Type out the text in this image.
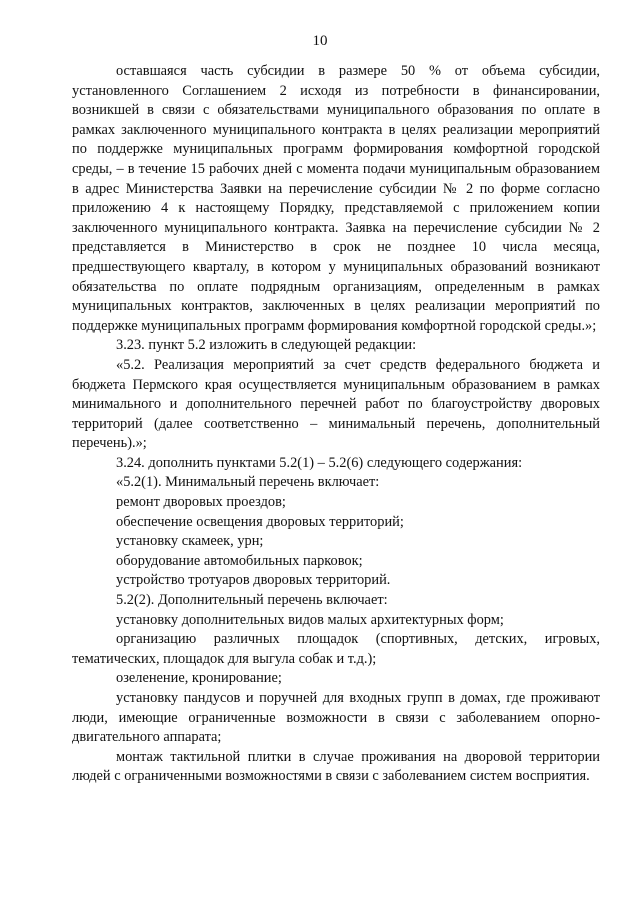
10

оставшаяся часть субсидии в размере 50 % от объема субсидии, установленного Соглашением 2 исходя из потребности в финансировании, возникшей в связи с обязательствами муниципального образования по оплате в рамках заключенного муниципального контракта в целях реализации мероприятий по поддержке муниципальных программ формирования комфортной городской среды, – в течение 15 рабочих дней с момента подачи муниципальным образованием в адрес Министерства Заявки на перечисление субсидии № 2 по форме согласно приложению 4 к настоящему Порядку, представляемой с приложением копии заключенного муниципального контракта. Заявка на перечисление субсидии № 2 представляется в Министерство в срок не позднее 10 числа месяца, предшествующего кварталу, в котором у муниципальных образований возникают обязательства по оплате подрядным организациям, определенным в рамках муниципальных контрактов, заключенных в целях реализации мероприятий по поддержке муниципальных программ формирования комфортной городской среды.»;

3.23. пункт 5.2 изложить в следующей редакции:

«5.2. Реализация мероприятий за счет средств федерального бюджета и бюджета Пермского края осуществляется муниципальным образованием в рамках минимального и дополнительного перечней работ по благоустройству дворовых территорий (далее соответственно – минимальный перечень, дополнительный перечень).»;

3.24. дополнить пунктами 5.2(1) – 5.2(6) следующего содержания:

«5.2(1). Минимальный перечень включает:

ремонт дворовых проездов;

обеспечение освещения дворовых территорий;

установку скамеек, урн;

оборудование автомобильных парковок;

устройство тротуаров дворовых территорий.

5.2(2). Дополнительный перечень включает:

установку дополнительных видов малых архитектурных форм;

организацию различных площадок (спортивных, детских, игровых, тематических, площадок для выгула собак и т.д.);

озеленение, кронирование;

установку пандусов и поручней для входных групп в домах, где проживают люди, имеющие ограниченные возможности в связи с заболеванием опорно-двигательного аппарата;

монтаж тактильной плитки в случае проживания на дворовой территории людей с ограниченными возможностями в связи с заболеванием систем восприятия.
